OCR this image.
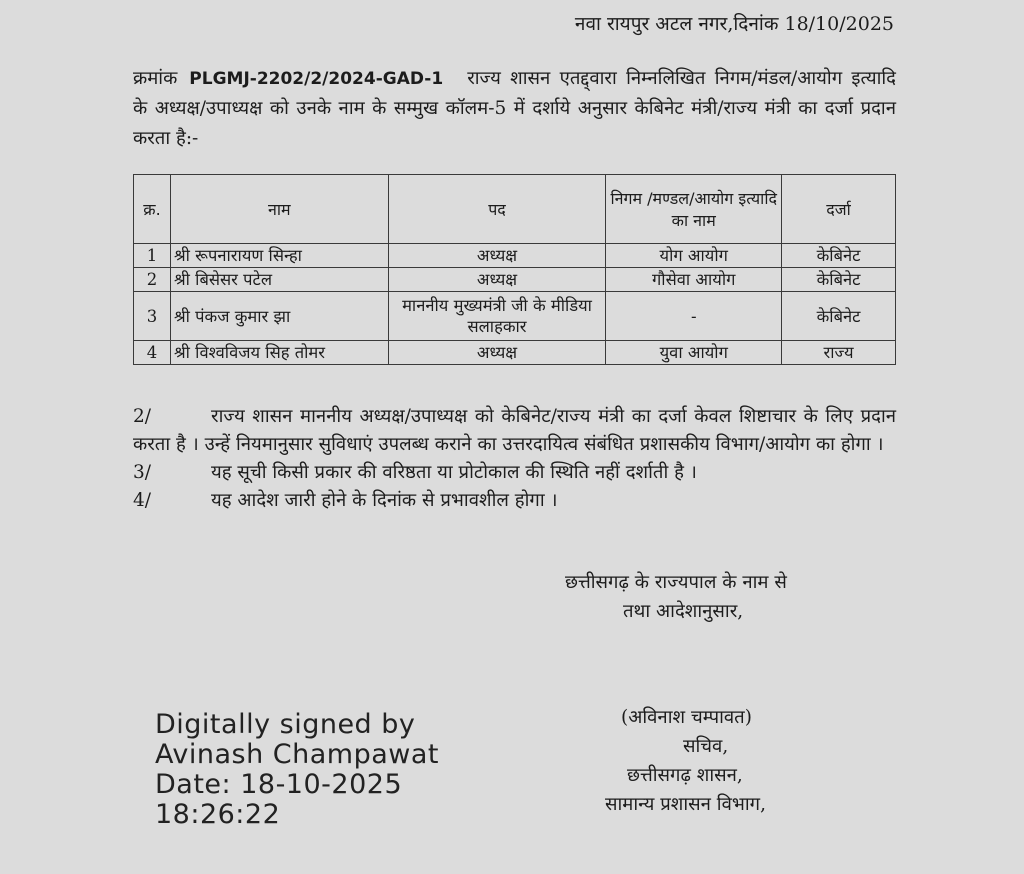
नवा रायपुर अटल नगर,दिनांक 18/10/2025
क्रमांक PLGMJ-2202/2/2024-GAD-1 राज्य शासन एतद्द्वारा निम्नलिखित निगम/मंडल/आयोग इत्यादि के अध्यक्ष/उपाध्यक्ष को उनके नाम के सम्मुख कॉलम-5 में दर्शाये अनुसार केबिनेट मंत्री/राज्य मंत्री का दर्जा प्रदान करता है:-
क्र.	नाम	पद	निगम /मण्डल/आयोग इत्यादि का नाम	दर्जा
1	श्री रूपनारायण सिन्हा	अध्यक्ष	योग आयोग	केबिनेट
2	श्री बिसेसर पटेल	अध्यक्ष	गौसेवा आयोग	केबिनेट
3	श्री पंकज कुमार झा	माननीय मुख्यमंत्री जी के मीडिया सलाहकार	-	केबिनेट
4	श्री विश्वविजय सिह तोमर	अध्यक्ष	युवा आयोग	राज्य
2/	राज्य शासन माननीय अध्यक्ष/उपाध्यक्ष को केबिनेट/राज्य मंत्री का दर्जा केवल शिष्टाचार के लिए प्रदान करता है । उन्हें नियमानुसार सुविधाएं उपलब्ध कराने का उत्तरदायित्व संबंधित प्रशासकीय विभाग/आयोग का होगा ।
3/	यह सूची किसी प्रकार की वरिष्ठता या प्रोटोकाल की स्थिति नहीं दर्शाती है ।
4/	यह आदेश जारी होने के दिनांक से प्रभावशील होगा ।
छत्तीसगढ़ के राज्यपाल के नाम से
तथा आदेशानुसार,
(अविनाश चम्पावत)
सचिव,
छत्तीसगढ़ शासन,
सामान्य प्रशासन विभाग,
Digitally signed by
Avinash Champawat
Date: 18-10-2025
18:26:22
